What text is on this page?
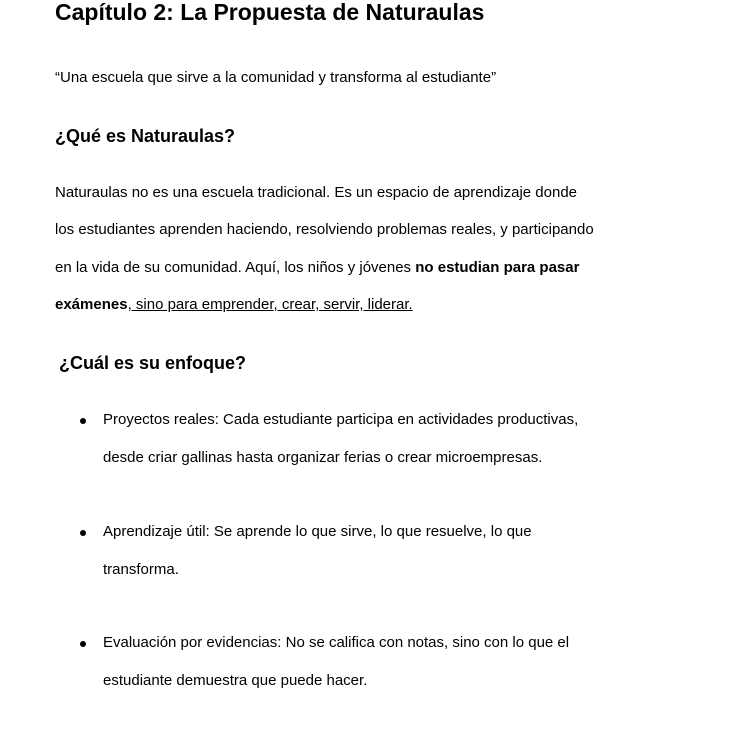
Capítulo 2: La Propuesta de Naturaulas
“Una escuela que sirve a la comunidad y transforma al estudiante”
¿Qué es Naturaulas?
Naturaulas no es una escuela tradicional. Es un espacio de aprendizaje donde
los estudiantes aprenden haciendo, resolviendo problemas reales, y participando
en la vida de su comunidad. Aquí, los niños y jóvenes no estudian para pasar
exámenes, sino para emprender, crear, servir, liderar.
¿Cuál es su enfoque?
Proyectos reales: Cada estudiante participa en actividades productivas,
desde criar gallinas hasta organizar ferias o crear microempresas.
Aprendizaje útil: Se aprende lo que sirve, lo que resuelve, lo que
transforma.
Evaluación por evidencias: No se califica con notas, sino con lo que el
estudiante demuestra que puede hacer.
